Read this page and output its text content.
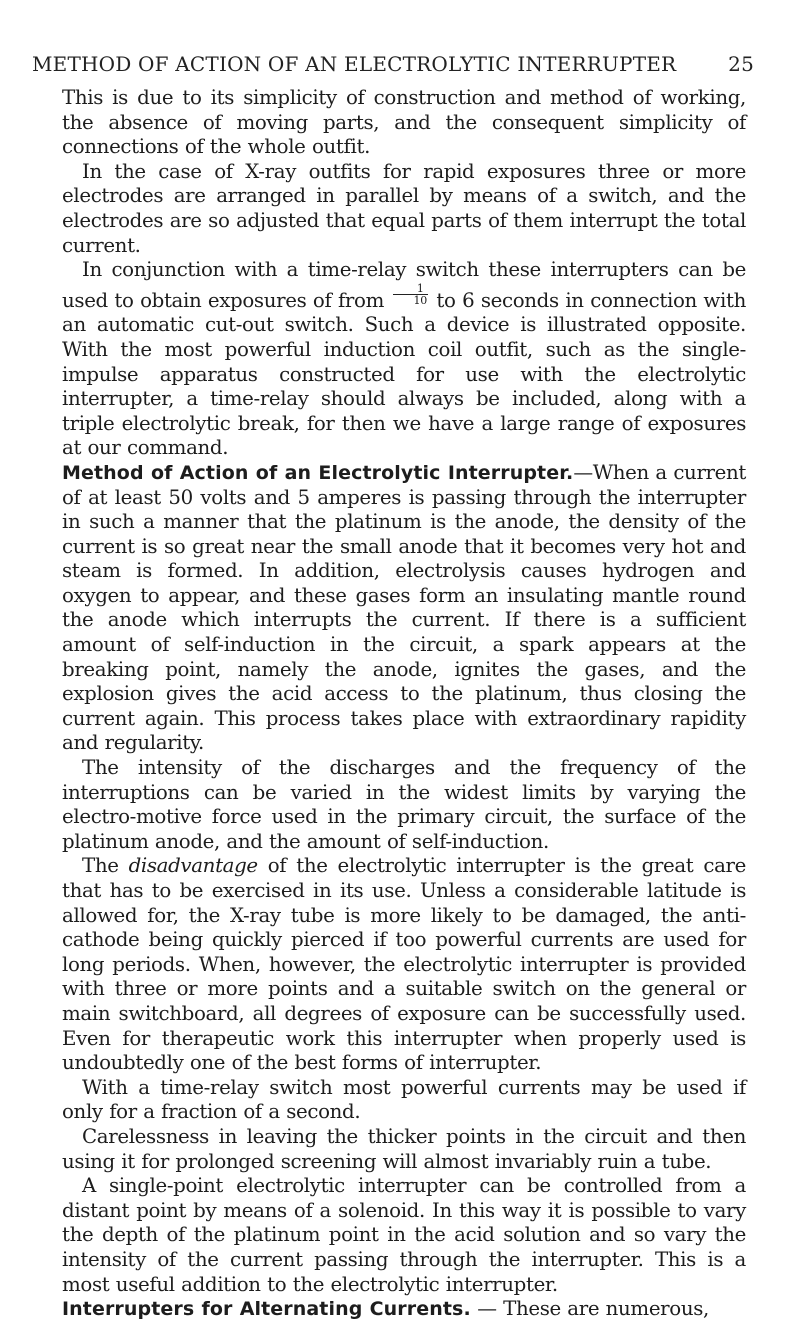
METHOD OF ACTION OF AN ELECTROLYTIC INTERRUPTER	25

This is due to its simplicity of construction and method of working, the absence of moving parts, and the consequent simplicity of connections of the whole outfit.

In the case of X-ray outfits for rapid exposures three or more electrodes are arranged in parallel by means of a switch, and the electrodes are so adjusted that equal parts of them interrupt the total current.

In conjunction with a time-relay switch these interrupters can be used to obtain exposures of from $\frac{1}{10}$ to 6 seconds in connection with an automatic cut-out switch. Such a device is illustrated opposite. With the most powerful induction coil outfit, such as the single-impulse apparatus constructed for use with the electrolytic interrupter, a time-relay should always be included, along with a triple electrolytic break, for then we have a large range of exposures at our command.

Method of Action of an Electrolytic Interrupter.—When a current of at least 50 volts and 5 amperes is passing through the interrupter in such a manner that the platinum is the anode, the density of the current is so great near the small anode that it becomes very hot and steam is formed. In addition, electrolysis causes hydrogen and oxygen to appear, and these gases form an insulating mantle round the anode which interrupts the current. If there is a sufficient amount of self-induction in the circuit, a spark appears at the breaking point, namely the anode, ignites the gases, and the explosion gives the acid access to the platinum, thus closing the current again. This process takes place with extraordinary rapidity and regularity.

The intensity of the discharges and the frequency of the interruptions can be varied in the widest limits by varying the electro-motive force used in the primary circuit, the surface of the platinum anode, and the amount of self-induction.

The disadvantage of the electrolytic interrupter is the great care that has to be exercised in its use. Unless a considerable latitude is allowed for, the X-ray tube is more likely to be damaged, the anti-cathode being quickly pierced if too powerful currents are used for long periods. When, however, the electrolytic interrupter is provided with three or more points and a suitable switch on the general or main switchboard, all degrees of exposure can be successfully used. Even for therapeutic work this interrupter when properly used is undoubtedly one of the best forms of interrupter.

With a time-relay switch most powerful currents may be used if only for a fraction of a second.

Carelessness in leaving the thicker points in the circuit and then using it for prolonged screening will almost invariably ruin a tube.

A single-point electrolytic interrupter can be controlled from a distant point by means of a solenoid. In this way it is possible to vary the depth of the platinum point in the acid solution and so vary the intensity of the current passing through the interrupter. This is a most useful addition to the electrolytic interrupter.

Interrupters for Alternating Currents. — These are numerous,
